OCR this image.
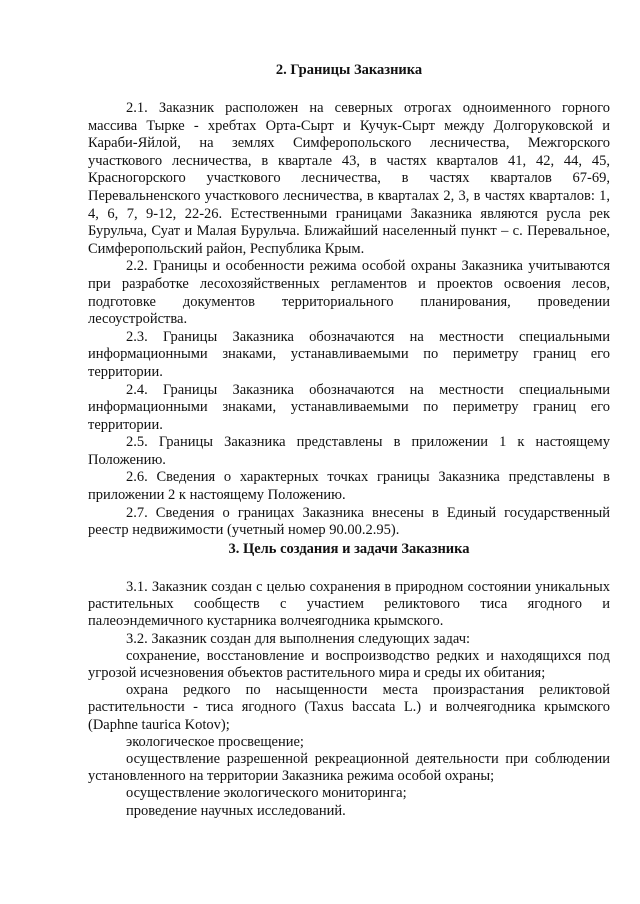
2. Границы Заказника

2.1. Заказник расположен на северных отрогах одноименного горного массива Тырке - хребтах Орта-Сырт и Кучук-Сырт между Долгоруковской и Караби-Яйлой, на землях Симферопольского лесничества, Межгорского участкового лесничества, в квартале 43, в частях кварталов 41, 42, 44, 45, Красногорского участкового лесничества, в частях кварталов 67-69, Перевальненского участкового лесничества, в кварталах 2, 3, в частях кварталов: 1, 4, 6, 7, 9-12, 22-26. Естественными границами Заказника являются русла рек Бурульча, Суат и Малая Бурульча. Ближайший населенный пункт – с. Перевальное, Симферопольский район, Республика Крым.

2.2. Границы и особенности режима особой охраны Заказника учитываются при разработке лесохозяйственных регламентов и проектов освоения лесов, подготовке документов территориального планирования, проведении лесоустройства.

2.3. Границы Заказника обозначаются на местности специальными информационными знаками, устанавливаемыми по периметру границ его территории.

2.4. Границы Заказника обозначаются на местности специальными информационными знаками, устанавливаемыми по периметру границ его территории.

2.5. Границы Заказника представлены в приложении 1 к настоящему Положению.

2.6. Сведения о характерных точках границы Заказника представлены в приложении 2 к настоящему Положению.

2.7. Сведения о границах Заказника внесены в Единый государственный реестр недвижимости (учетный номер 90.00.2.95).

3. Цель создания и задачи Заказника

3.1. Заказник создан с целью сохранения в природном состоянии уникальных растительных сообществ с участием реликтового тиса ягодного и палеоэндемичного кустарника волчеягодника крымского.

3.2. Заказник создан для выполнения следующих задач:

сохранение, восстановление и воспроизводство редких и находящихся под угрозой исчезновения объектов растительного мира и среды их обитания;

охрана редкого по насыщенности места произрастания реликтовой растительности - тиса ягодного (Taxus baccata L.) и волчеягодника крымского (Daphne taurica Kotov);

экологическое просвещение;

осуществление разрешенной рекреационной деятельности при соблюдении установленного на территории Заказника режима особой охраны;

осуществление экологического мониторинга;

проведение научных исследований.
